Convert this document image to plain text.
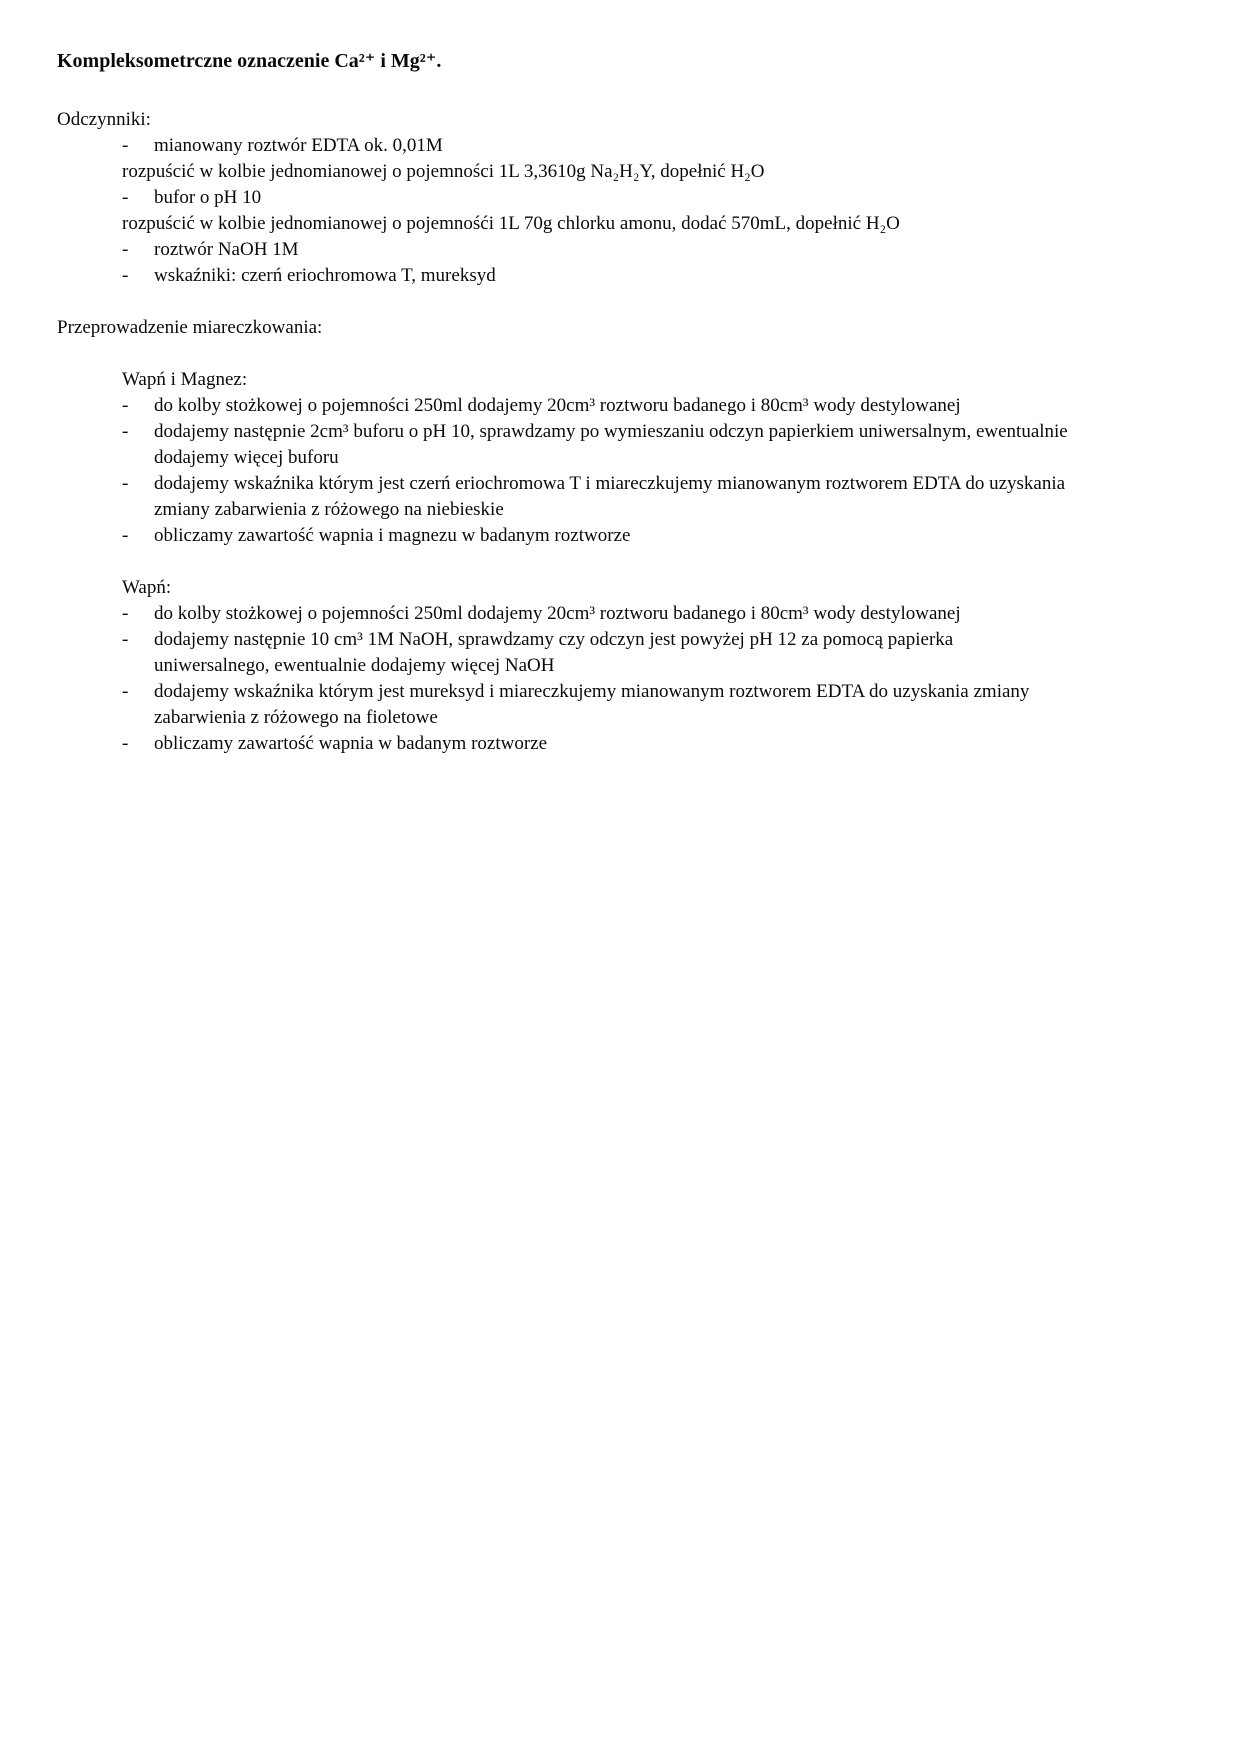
Kompleksometrczne oznaczenie Ca²⁺ i Mg²⁺.

Odczynniki:

-	mianowany roztwór EDTA ok. 0,01M
rozpuścić w kolbie jednomianowej o pojemności 1L 3,3610g Na₂H₂Y, dopełnić H₂O
-	bufor o pH 10
rozpuścić w kolbie jednomianowej o pojemnośći 1L 70g chlorku amonu, dodać 570mL, dopełnić H₂O
-	roztwór NaOH 1M
-	wskaźniki: czerń eriochromowa T, mureksyd

Przeprowadzenie miareczkowania:

Wapń i Magnez:

-	do kolby stożkowej o pojemności 250ml dodajemy 20cm³ roztworu badanego i 80cm³ wody destylowanej
-	dodajemy następnie 2cm³ buforu o pH 10, sprawdzamy po wymieszaniu odczyn papierkiem uniwersalnym, ewentualnie dodajemy więcej buforu
-	dodajemy wskaźnika którym jest czerń eriochromowa T i miareczkujemy mianowanym roztworem EDTA do uzyskania zmiany zabarwienia z różowego na niebieskie
-	obliczamy zawartość wapnia i magnezu w badanym roztworze

Wapń:

-	do kolby stożkowej o pojemności 250ml dodajemy 20cm³ roztworu badanego i 80cm³ wody destylowanej
-	dodajemy następnie 10 cm³ 1M NaOH, sprawdzamy czy odczyn jest powyżej pH 12 za pomocą papierka uniwersalnego, ewentualnie dodajemy więcej NaOH
-	dodajemy wskaźnika którym jest mureksyd i miareczkujemy mianowanym roztworem EDTA do uzyskania zmiany zabarwienia z różowego na fioletowe
-	obliczamy zawartość wapnia w badanym roztworze
